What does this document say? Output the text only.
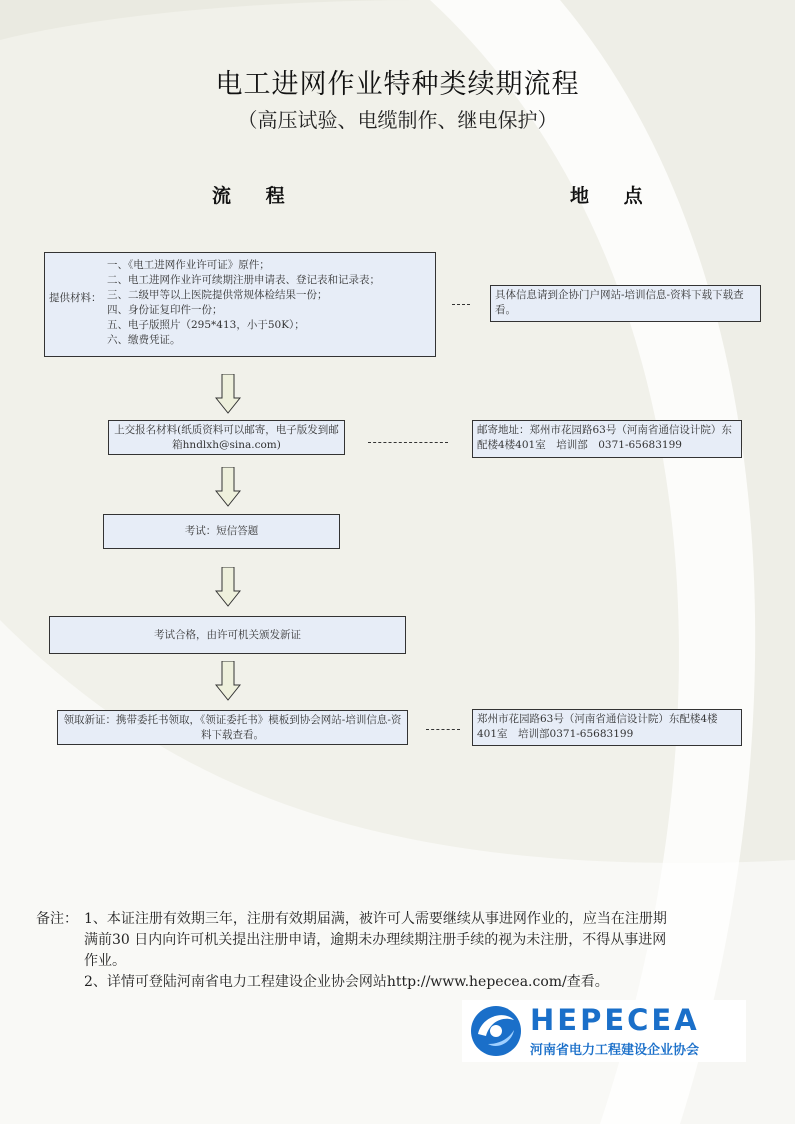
电工进网作业特种类续期流程
（高压试验、电缆制作、继电保护）
流 程	地 点
提供材料：
一、《电工进网作业许可证》原件；
二、电工进网作业许可续期注册申请表、登记表和记录表；
三、二级甲等以上医院提供常规体检结果一份；
四、身份证复印件一份；
五、电子版照片（295*413，小于50K）；
六、缴费凭证。
具体信息请到企协门户网站-培训信息-资料下载下载查看。
上交报名材料(纸质资料可以邮寄，电子版发到邮箱hndlxh@sina.com)
邮寄地址：郑州市花园路63号（河南省通信设计院）东配楼4楼401室　培训部　0371-65683199
考试：短信答题
考试合格，由许可机关颁发新证
领取新证：携带委托书领取，《领证委托书》模板到协会网站-培训信息-资料下载查看。
郑州市花园路63号（河南省通信设计院）东配楼4楼401室　培训部0371-65683199
备注： 1、本证注册有效期三年，注册有效期届满，被许可人需要继续从事进网作业的，应当在注册期
满前30 日内向许可机关提出注册申请，逾期未办理续期注册手续的视为未注册，不得从事进网
作业。
2、详情可登陆河南省电力工程建设企业协会网站http://www.hepecea.com/查看。
HEPECEA
河南省电力工程建设企业协会
